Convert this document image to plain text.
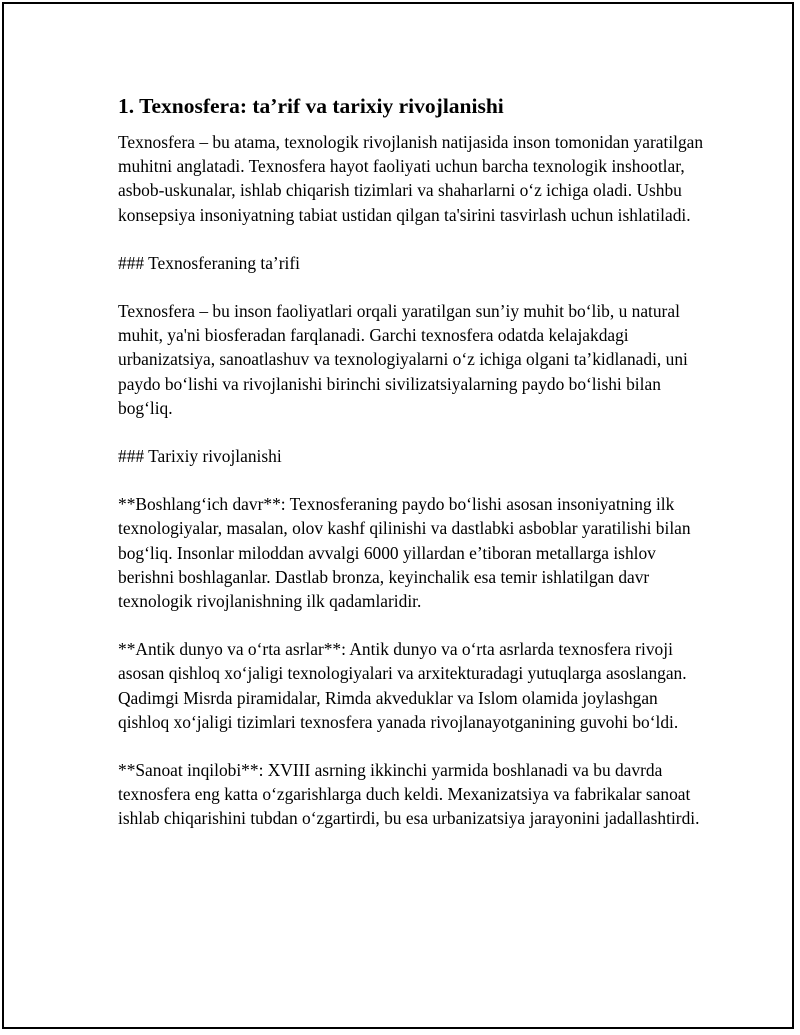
1. Texnosfera: ta’rif va tarixiy rivojlanishi

Texnosfera – bu atama, texnologik rivojlanish natijasida inson tomonidan yaratilgan muhitni anglatadi. Texnosfera hayot faoliyati uchun barcha texnologik inshootlar, asbob-uskunalar, ishlab chiqarish tizimlari va shaharlarni o‘z ichiga oladi. Ushbu konsepsiya insoniyatning tabiat ustidan qilgan ta'sirini tasvirlash uchun ishlatiladi.

### Texnosferaning ta’rifi

Texnosfera – bu inson faoliyatlari orqali yaratilgan sun’iy muhit bo‘lib, u natural muhit, ya'ni biosferadan farqlanadi. Garchi texnosfera odatda kelajakdagi urbanizatsiya, sanoatlashuv va texnologiyalarni o‘z ichiga olgani ta’kidlanadi, uni paydo bo‘lishi va rivojlanishi birinchi sivilizatsiyalarning paydo bo‘lishi bilan bog‘liq.

### Tarixiy rivojlanishi

**Boshlang‘ich davr**: Texnosferaning paydo bo‘lishi asosan insoniyatning ilk texnologiyalar, masalan, olov kashf qilinishi va dastlabki asboblar yaratilishi bilan bog‘liq. Insonlar miloddan avvalgi 6000 yillardan e’tiboran metallarga ishlov berishni boshlaganlar. Dastlab bronza, keyinchalik esa temir ishlatilgan davr texnologik rivojlanishning ilk qadamlaridir.

**Antik dunyo va o‘rta asrlar**: Antik dunyo va o‘rta asrlarda texnosfera rivoji asosan qishloq xo‘jaligi texnologiyalari va arxitekturadagi yutuqlarga asoslangan. Qadimgi Misrda piramidalar, Rimda akveduklar va Islom olamida joylashgan qishloq xo‘jaligi tizimlari texnosfera yanada rivojlanayotganining guvohi bo‘ldi.

**Sanoat inqilobi**: XVIII asrning ikkinchi yarmida boshlanadi va bu davrda texnosfera eng katta o‘zgarishlarga duch keldi. Mexanizatsiya va fabrikalar sanoat ishlab chiqarishini tubdan o‘zgartirdi, bu esa urbanizatsiya jarayonini jadallashtirdi.
